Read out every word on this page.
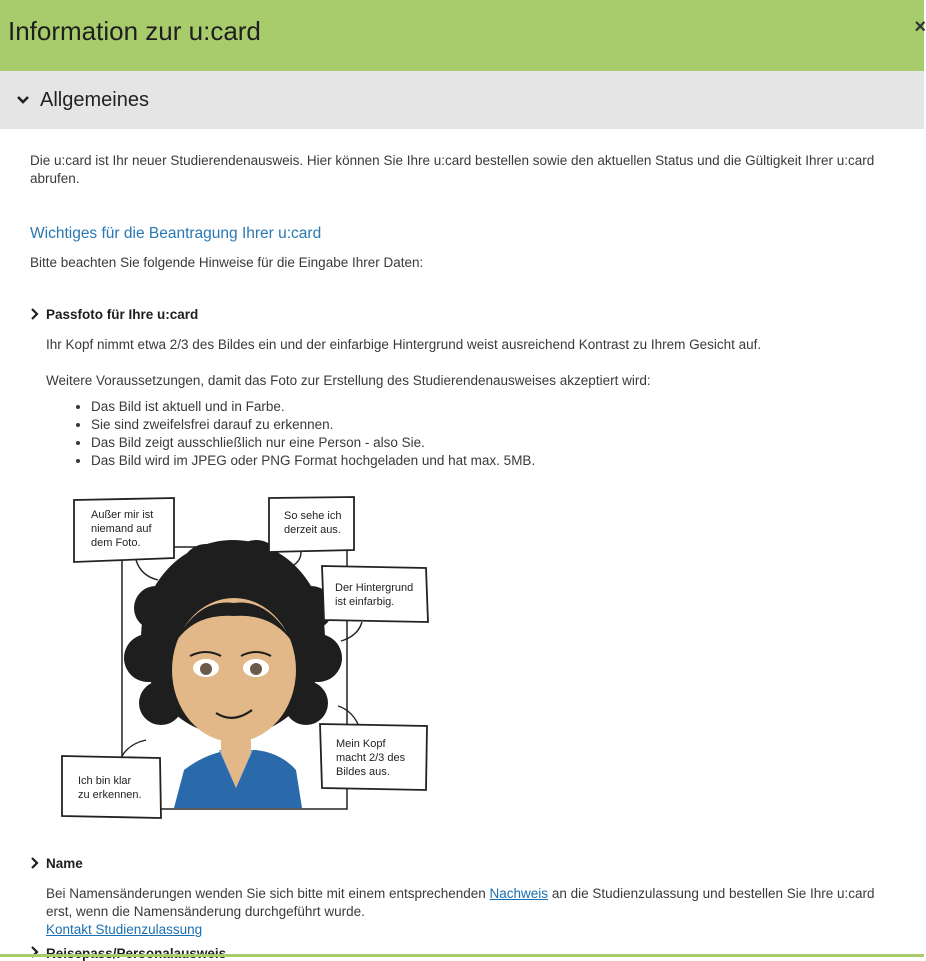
Information zur u:card	×
Allgemeines

Die u:card ist Ihr neuer Studierendenausweis. Hier können Sie Ihre u:card bestellen sowie den aktuellen Status und die Gültigkeit Ihrer u:card abrufen.

Wichtiges für die Beantragung Ihrer u:card
Bitte beachten Sie folgende Hinweise für die Eingabe Ihrer Daten:
Passfoto für Ihre u:card
Ihr Kopf nimmt etwa 2/3 des Bildes ein und der einfarbige Hintergrund weist ausreichend Kontrast zu Ihrem Gesicht auf.
Weitere Voraussetzungen, damit das Foto zur Erstellung des Studierendenausweises akzeptiert wird:
• Das Bild ist aktuell und in Farbe.
• Sie sind zweifelsfrei darauf zu erkennen.
• Das Bild zeigt ausschließlich nur eine Person - also Sie.
• Das Bild wird im JPEG oder PNG Format hochgeladen und hat max. 5MB.
Außer mir ist niemand auf dem Foto.
So sehe ich derzeit aus.
Der Hintergrund ist einfarbig.
Mein Kopf macht 2/3 des Bildes aus.
Ich bin klar zu erkennen.
Name
Bei Namensänderungen wenden Sie sich bitte mit einem entsprechenden Nachweis an die Studienzulassung und bestellen Sie Ihre u:card erst, wenn die Namensänderung durchgeführt wurde.
Kontakt Studienzulassung
